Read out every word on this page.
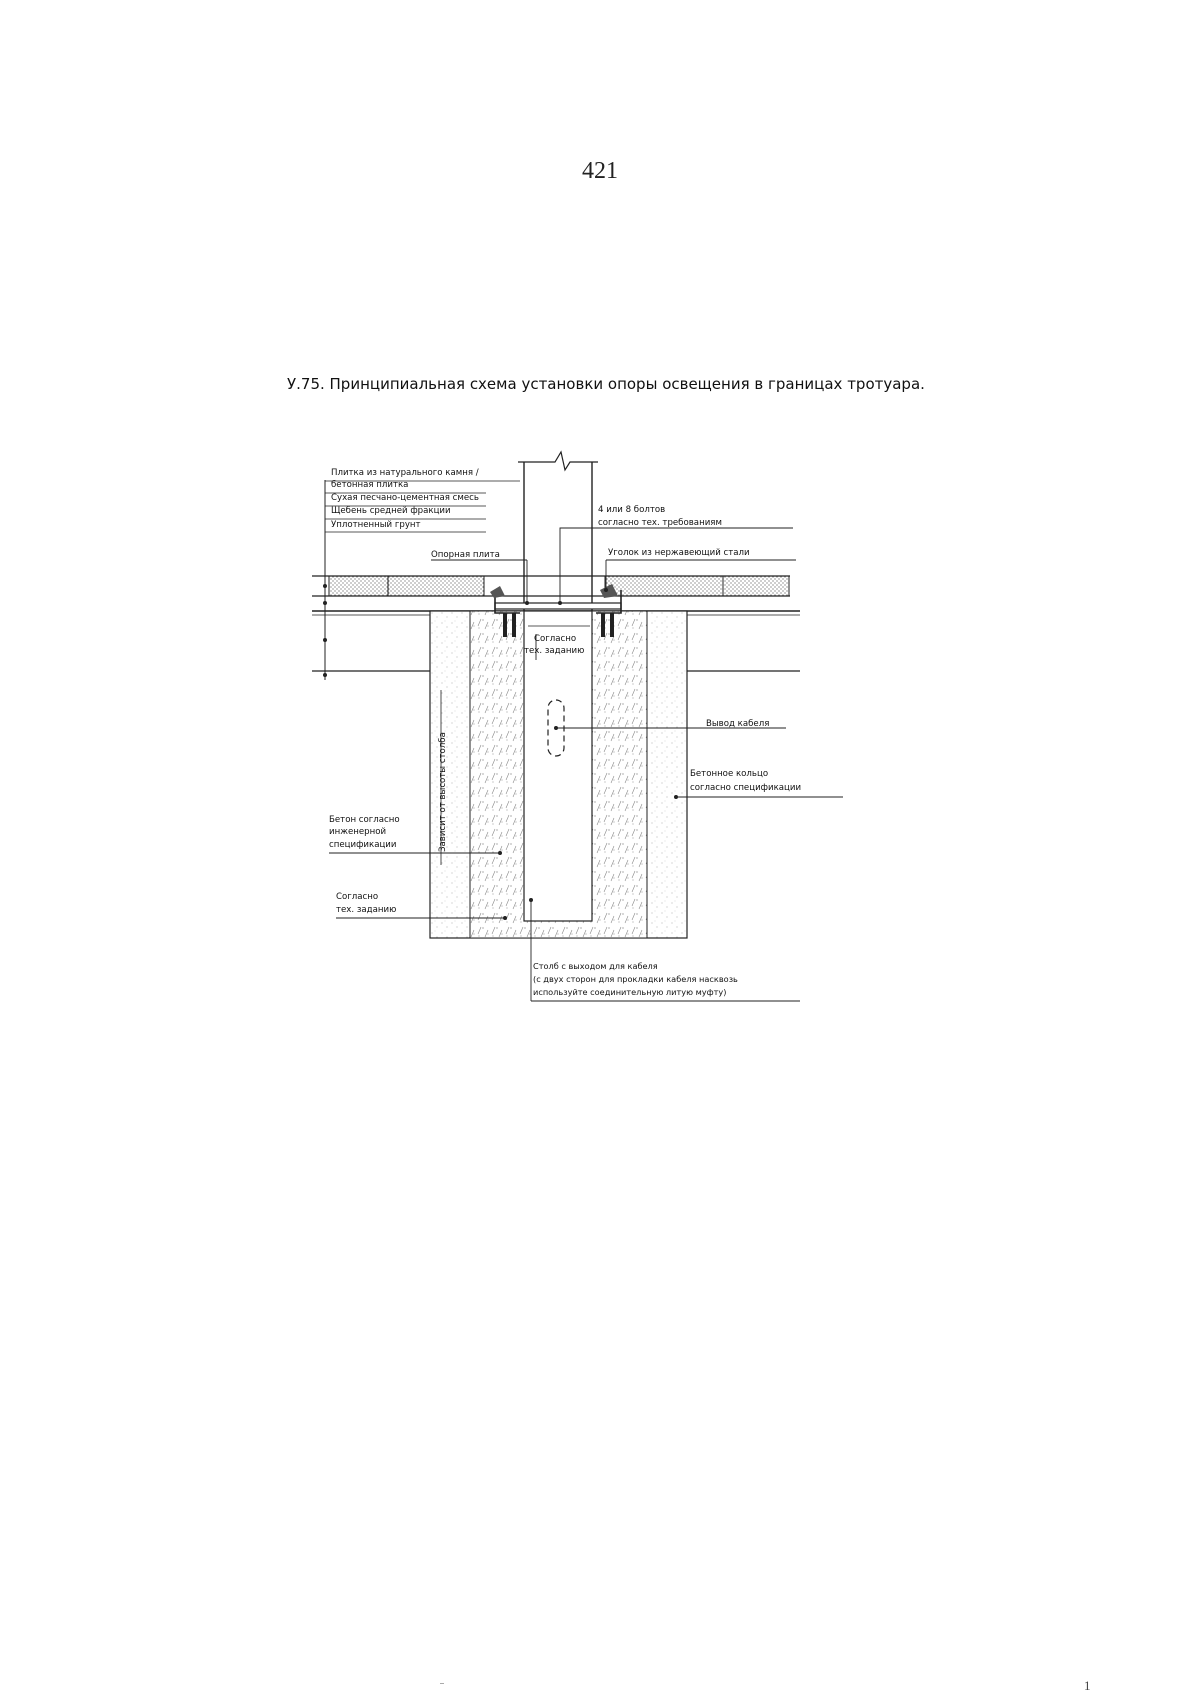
421
У.75. Принципиальная схема установки опоры освещения в границах тротуара.
Плитка из натурального камня /
бетонная плитка
Сухая песчано-цементная смесь
Щебень средней фракции
Уплотненный грунт
4 или 8 болтов
согласно тех. требованиям
Опорная плита	Уголок из нержавеющий стали
Согласно
тех. заданию
Вывод кабеля
Бетонное кольцо
согласно спецификации
Зависит от высоты столба
Бетон согласно
инженерной
спецификации
Согласно
тех. заданию
Столб с выходом для кабеля
(с двух сторон для прокладки кабеля насквозь
используйте соединительную литую муфту)
1
